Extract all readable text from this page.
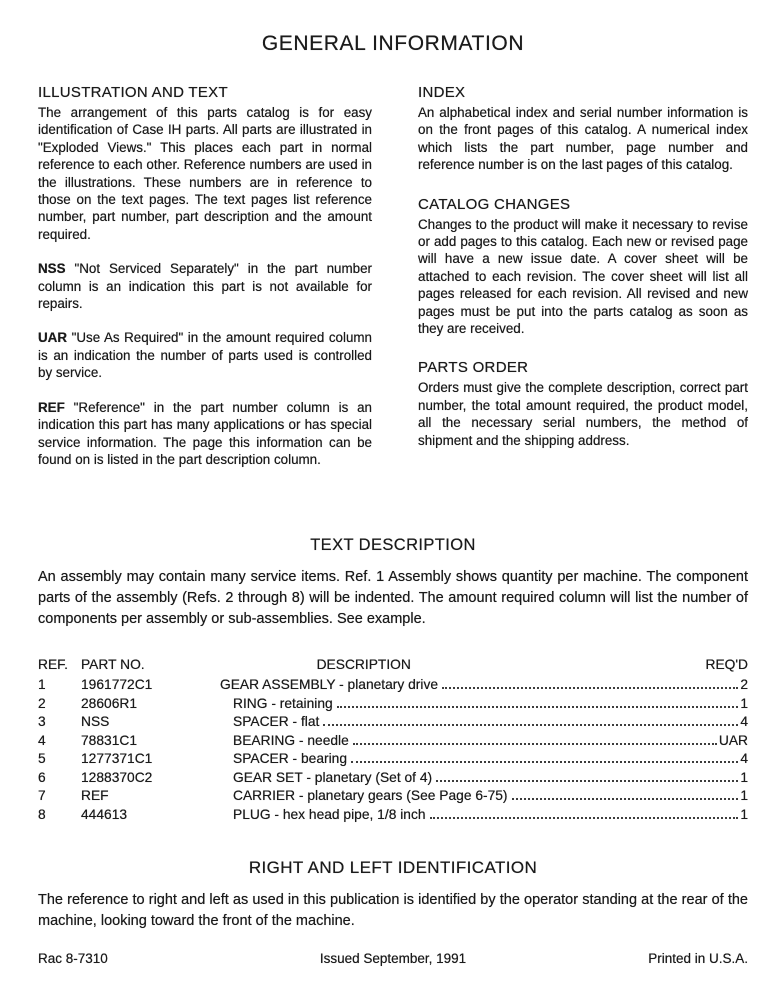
GENERAL INFORMATION
ILLUSTRATION AND TEXT

The arrangement of this parts catalog is for easy identification of Case IH parts. All parts are illustrated in "Exploded Views." This places each part in normal reference to each other. Reference numbers are used in the illustrations. These numbers are in reference to those on the text pages. The text pages list reference number, part number, part description and the amount required.

NSS "Not Serviced Separately" in the part number column is an indication this part is not available for repairs.

UAR "Use As Required" in the amount required column is an indication the number of parts used is controlled by service.

REF "Reference" in the part number column is an indication this part has many applications or has special service information. The page this information can be found on is listed in the part description column.

INDEX

An alphabetical index and serial number information is on the front pages of this catalog. A numerical index which lists the part number, page number and reference number is on the last pages of this catalog.

CATALOG CHANGES

Changes to the product will make it necessary to revise or add pages to this catalog. Each new or revised page will have a new issue date. A cover sheet will be attached to each revision. The cover sheet will list all pages released for each revision. All revised and new pages must be put into the parts catalog as soon as they are received.

PARTS ORDER

Orders must give the complete description, correct part number, the total amount required, the product model, all the necessary serial numbers, the method of shipment and the shipping address.

TEXT DESCRIPTION

An assembly may contain many service items. Ref. 1 Assembly shows quantity per machine. The component parts of the assembly (Refs. 2 through 8) will be indented. The amount required column will list the number of components per assembly or sub-assemblies. See example.

REF. PART NO.	DESCRIPTION	REQ'D
1	1961772C1	GEAR ASSEMBLY - planetary drive	2
2	28606R1	RING - retaining	1
3	NSS	SPACER - flat	4
4	78831C1	BEARING - needle	UAR
5	1277371C1	SPACER - bearing	4
6	1288370C2	GEAR SET - planetary (Set of 4)	1
7	REF	CARRIER - planetary gears (See Page 6-75)	1
8	444613	PLUG - hex head pipe, 1/8 inch	1
RIGHT AND LEFT IDENTIFICATION

The reference to right and left as used in this publication is identified by the operator standing at the rear of the machine, looking toward the front of the machine.

Rac 8-7310	Issued September, 1991	Printed in U.S.A.
